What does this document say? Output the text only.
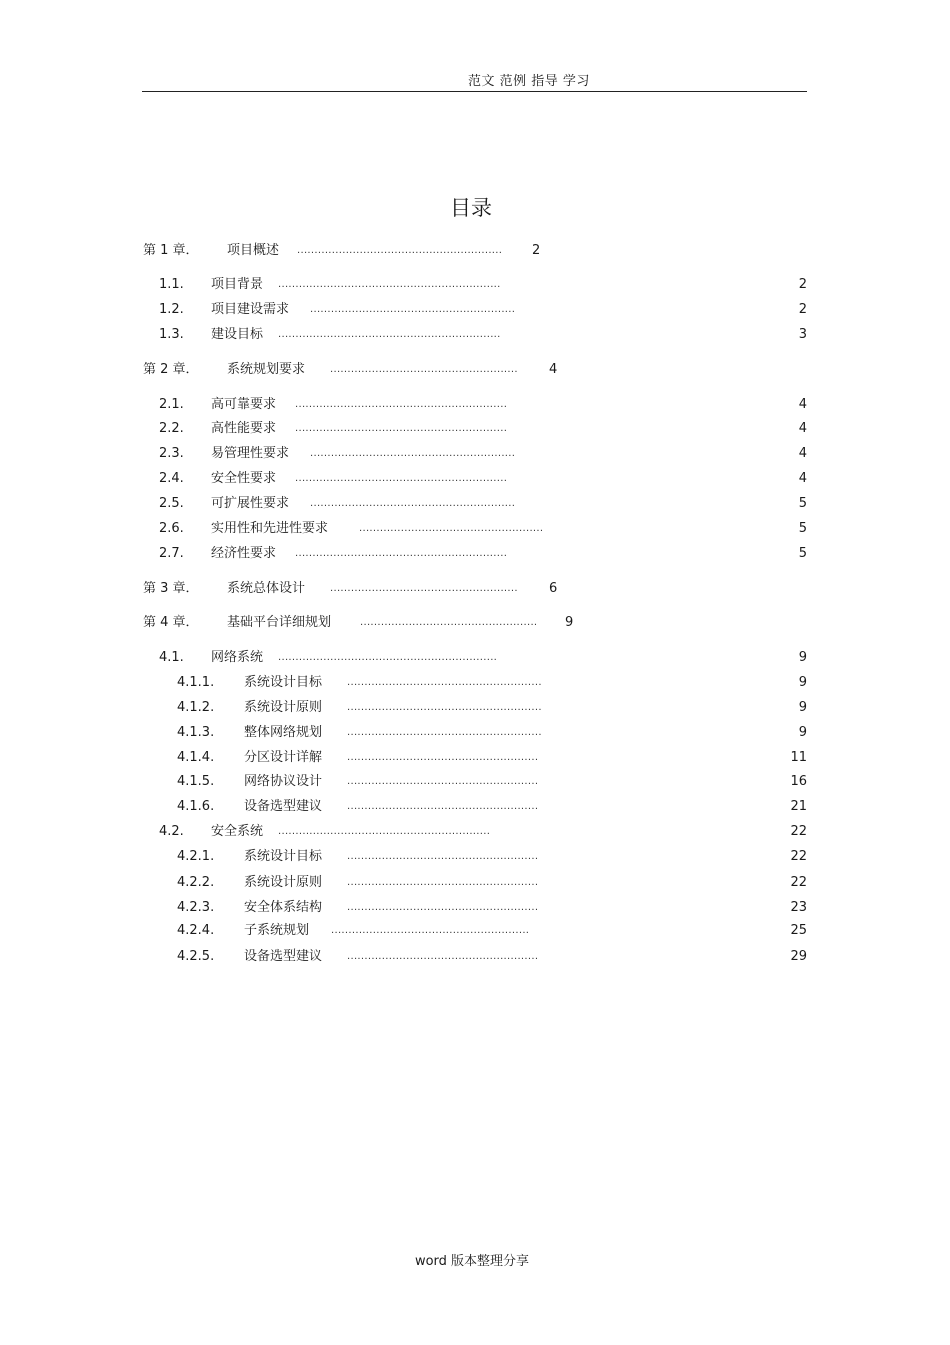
范文 范例 指导 学习
目录
第 1 章． 项目概述 ........................................................... 2
1.1. 项目背景 ................................................................	2
1.2. 项目建设需求 ...........................................................	2
1.3. 建设目标 ................................................................	3
第 2 章． 系统规划要求 ...................................................... 4
2.1. 高可靠要求 .............................................................	4
2.2. 高性能要求 .............................................................	4
2.3. 易管理性要求 ...........................................................	4
2.4. 安全性要求 .............................................................	4
2.5. 可扩展性要求 ...........................................................	5
2.6. 实用性和先进性要求	.....................................................	5
2.7. 经济性要求 .............................................................	5
第 3 章． 系统总体设计 ...................................................... 6
第 4 章． 基础平台详细规划	................................................... 9
4.1. 网络系统 ...............................................................	9
4.1.1. 系统设计目标 ........................................................	9
4.1.2. 系统设计原则 ........................................................	9
4.1.3. 整体网络规划 ........................................................	9
4.1.4. 分区设计详解 .......................................................	11
4.1.5. 网络协议设计 .......................................................	16
4.1.6. 设备选型建议 .......................................................	21
4.2. 安全系统 .............................................................	22
4.2.1. 系统设计目标 .......................................................	22
4.2.2. 系统设计原则 .......................................................	22
4.2.3. 安全体系结构 .......................................................	23
4.2.4. 子系统规划 .........................................................	25
4.2.5. 设备选型建议 .......................................................	29
word 版本整理分享
